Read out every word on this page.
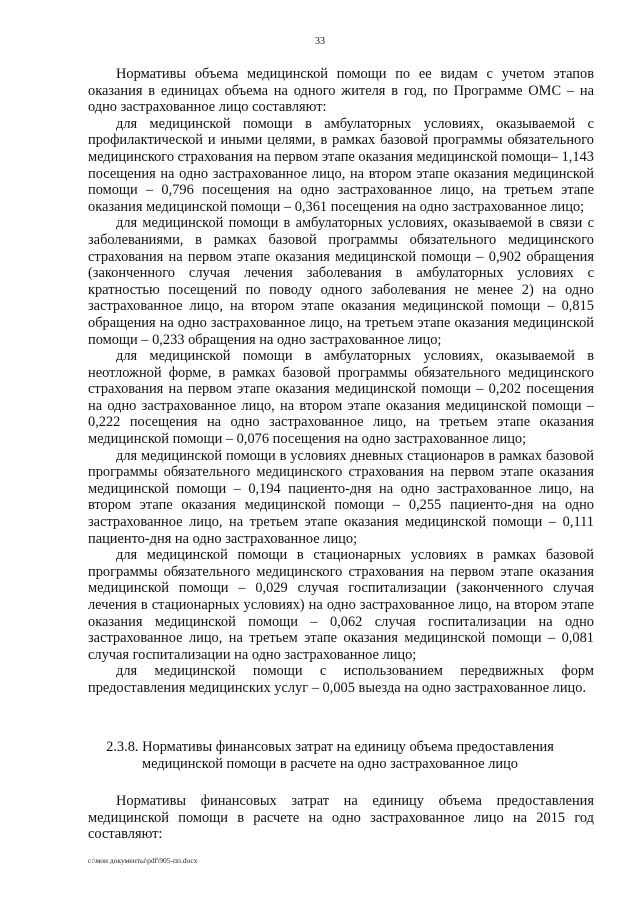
33

Нормативы объема медицинской помощи по ее видам с учетом этапов оказания в единицах объема на одного жителя в год, по Программе ОМС – на одно застрахованное лицо составляют:

для медицинской помощи в амбулаторных условиях, оказываемой с профилактической и иными целями, в рамках базовой программы обязательного медицинского страхования на первом этапе оказания медицинской помощи– 1,143 посещения на одно застрахованное лицо, на втором этапе оказания медицинской помощи – 0,796 посещения на одно застрахованное лицо, на третьем этапе оказания медицинской помощи – 0,361 посещения на одно застрахованное лицо;

для медицинской помощи в амбулаторных условиях, оказываемой в связи с заболеваниями, в рамках базовой программы обязательного медицинского страхования на первом этапе оказания медицинской помощи – 0,902 обращения (законченного случая лечения заболевания в амбулаторных условиях с кратностью посещений по поводу одного заболевания не менее 2) на одно застрахованное лицо, на втором этапе оказания медицинской помощи – 0,815 обращения на одно застрахованное лицо, на третьем этапе оказания медицинской помощи – 0,233 обращения на одно застрахованное лицо;

для медицинской помощи в амбулаторных условиях, оказываемой в неотложной форме, в рамках базовой программы обязательного медицинского страхования на первом этапе оказания медицинской помощи – 0,202 посещения на одно застрахованное лицо, на втором этапе оказания медицинской помощи – 0,222 посещения на одно застрахованное лицо, на третьем этапе оказания медицинской помощи – 0,076 посещения на одно застрахованное лицо;

для медицинской помощи в условиях дневных стационаров в рамках базовой программы обязательного медицинского страхования на первом этапе оказания медицинской помощи – 0,194 пациенто-дня на одно застрахованное лицо, на втором этапе оказания медицинской помощи – 0,255 пациенто-дня на одно застрахованное лицо, на третьем этапе оказания медицинской помощи – 0,111 пациенто-дня на одно застрахованное лицо;

для медицинской помощи в стационарных условиях в рамках базовой программы обязательного медицинского страхования на первом этапе оказания медицинской помощи – 0,029 случая госпитализации (законченного случая лечения в стационарных условиях) на одно застрахованное лицо, на втором этапе оказания медицинской помощи – 0,062 случая госпитализации на одно застрахованное лицо, на третьем этапе оказания медицинской помощи – 0,081 случая госпитализации на одно застрахованное лицо;

для медицинской помощи с использованием передвижных форм предоставления медицинских услуг – 0,005 выезда на одно застрахованное лицо.

2.3.8. Нормативы финансовых затрат на единицу объема предоставления медицинской помощи в расчете на одно застрахованное лицо

Нормативы финансовых затрат на единицу объема предоставления медицинской помощи в расчете на одно застрахованное лицо на 2015 год составляют:

c:\мои документы\pdf\905-пп.docx
